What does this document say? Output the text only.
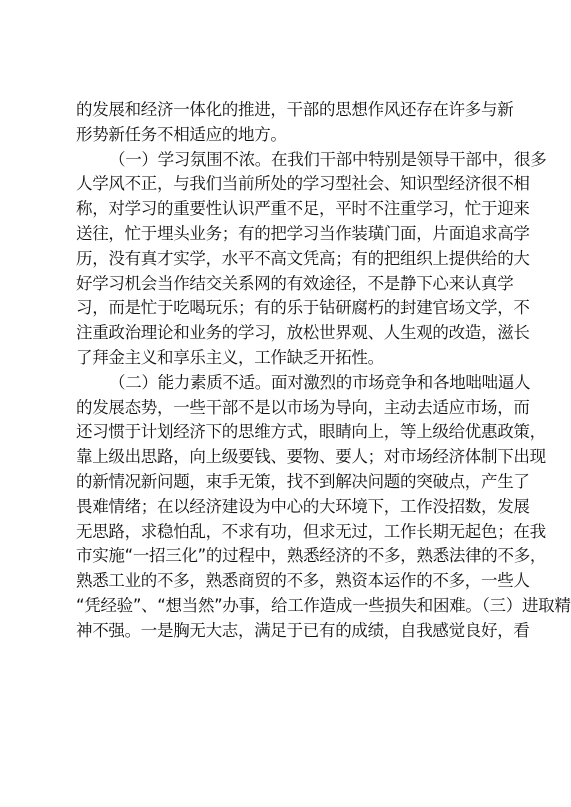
的发展和经济一体化的推进，干部的思想作风还存在许多与新
形势新任务不相适应的地方。
（一）学习氛围不浓。在我们干部中特别是领导干部中，很多
人学风不正，与我们当前所处的学习型社会、知识型经济很不相
称，对学习的重要性认识严重不足，平时不注重学习，忙于迎来
送往，忙于埋头业务；有的把学习当作装璜门面，片面追求高学
历，没有真才实学，水平不高文凭高；有的把组织上提供给的大
好学习机会当作结交关系网的有效途径，不是静下心来认真学
习，而是忙于吃喝玩乐；有的乐于钻研腐朽的封建官场文学，不
注重政治理论和业务的学习，放松世界观、人生观的改造，滋长
了拜金主义和享乐主义，工作缺乏开拓性。
（二）能力素质不适。面对激烈的市场竞争和各地咄咄逼人
的发展态势，一些干部不是以市场为导向，主动去适应市场，而
还习惯于计划经济下的思维方式，眼睛向上，等上级给优惠政策，
靠上级出思路，向上级要钱、要物、要人；对市场经济体制下出现
的新情况新问题，束手无策，找不到解决问题的突破点，产生了
畏难情绪；在以经济建设为中心的大环境下，工作没招数，发展
无思路，求稳怕乱，不求有功，但求无过，工作长期无起色；在我
市实施“一招三化”的过程中，熟悉经济的不多，熟悉法律的不多，
熟悉工业的不多，熟悉商贸的不多，熟资本运作的不多，一些人
“凭经验”、“想当然”办事，给工作造成一些损失和困难。（三）进取精
神不强。一是胸无大志，满足于已有的成绩，自我感觉良好，看
